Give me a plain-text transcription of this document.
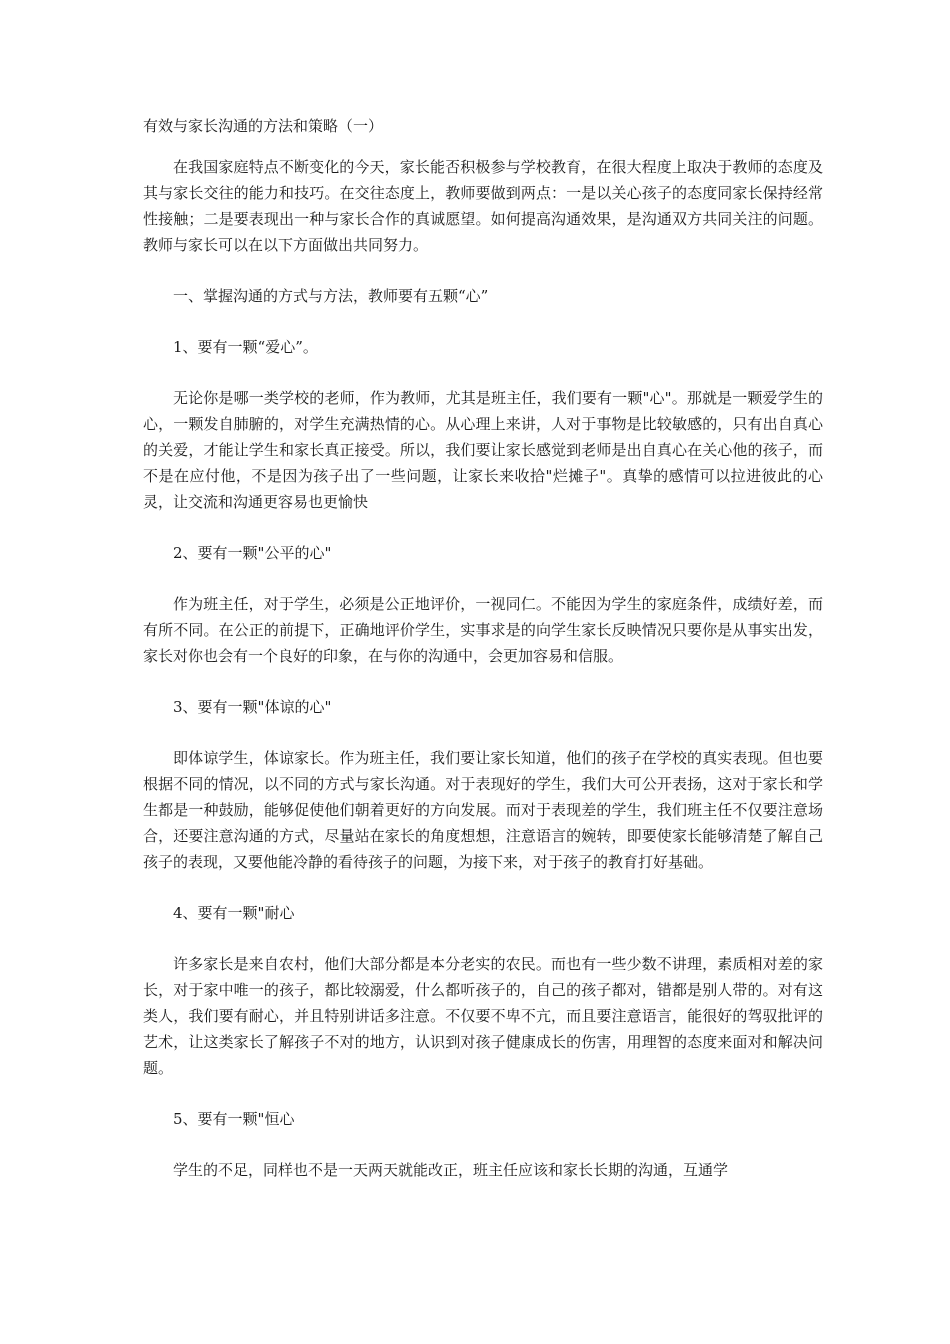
有效与家长沟通的方法和策略（一）

在我国家庭特点不断变化的今天，家长能否积极参与学校教育，在很大程度上取决于教师的态度及其与家长交往的能力和技巧。在交往态度上，教师要做到两点：一是以关心孩子的态度同家长保持经常性接触；二是要表现出一种与家长合作的真诚愿望。如何提高沟通效果，是沟通双方共同关注的问题。教师与家长可以在以下方面做出共同努力。

一、掌握沟通的方式与方法，教师要有五颗“心”

1、要有一颗“爱心”。

无论你是哪一类学校的老师，作为教师，尤其是班主任，我们要有一颗"心"。那就是一颗爱学生的心，一颗发自肺腑的，对学生充满热情的心。从心理上来讲，人对于事物是比较敏感的，只有出自真心的关爱，才能让学生和家长真正接受。所以，我们要让家长感觉到老师是出自真心在关心他的孩子，而不是在应付他，不是因为孩子出了一些问题，让家长来收拾"烂摊子"。真挚的感情可以拉进彼此的心灵，让交流和沟通更容易也更愉快

2、要有一颗"公平的心"

作为班主任，对于学生，必须是公正地评价，一视同仁。不能因为学生的家庭条件，成绩好差，而有所不同。在公正的前提下，正确地评价学生，实事求是的向学生家长反映情况只要你是从事实出发，家长对你也会有一个良好的印象，在与你的沟通中，会更加容易和信服。

3、要有一颗"体谅的心"

即体谅学生，体谅家长。作为班主任，我们要让家长知道，他们的孩子在学校的真实表现。但也要根据不同的情况，以不同的方式与家长沟通。对于表现好的学生，我们大可公开表扬，这对于家长和学生都是一种鼓励，能够促使他们朝着更好的方向发展。而对于表现差的学生，我们班主任不仅要注意场合，还要注意沟通的方式，尽量站在家长的角度想想，注意语言的婉转，即要使家长能够清楚了解自己孩子的表现，又要他能冷静的看待孩子的问题，为接下来，对于孩子的教育打好基础。

4、要有一颗"耐心

许多家长是来自农村，他们大部分都是本分老实的农民。而也有一些少数不讲理，素质相对差的家长，对于家中唯一的孩子，都比较溺爱，什么都听孩子的，自己的孩子都对，错都是别人带的。对有这类人，我们要有耐心，并且特别讲话多注意。不仅要不卑不亢，而且要注意语言，能很好的驾驭批评的艺术，让这类家长了解孩子不对的地方，认识到对孩子健康成长的伤害，用理智的态度来面对和解决问题。

5、要有一颗"恒心

学生的不足，同样也不是一天两天就能改正，班主任应该和家长长期的沟通，互通学
